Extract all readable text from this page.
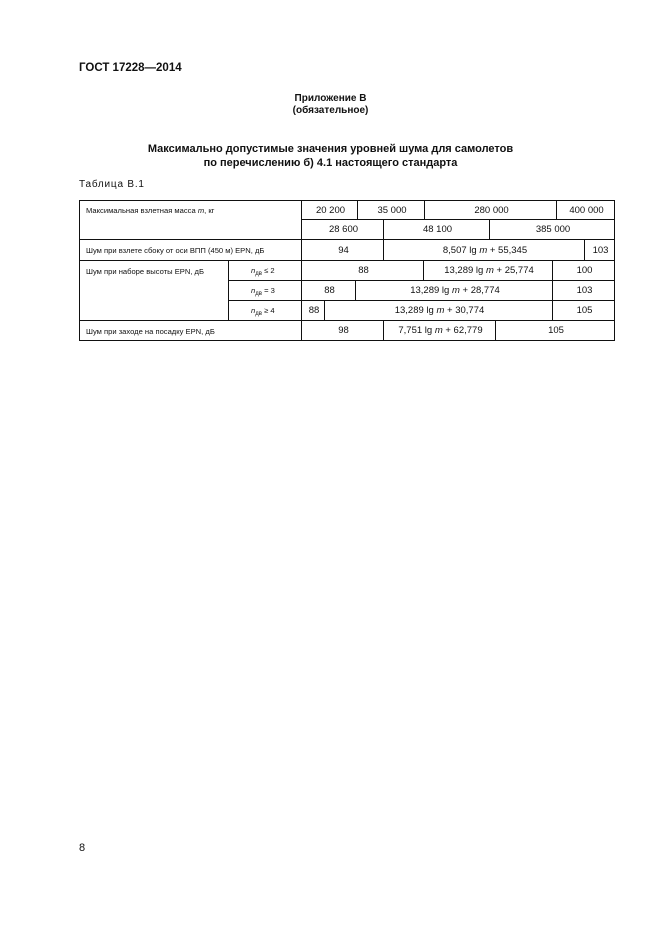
ГОСТ 17228—2014
Приложение В
(обязательное)
Максимально допустимые значения уровней шума для самолетов
по перечислению б) 4.1 настоящего стандарта
Таблица В.1
Максимальная взлетная масса m, кг	20 200	35 000	280 000	400 000
28 600	48 100	385 000
Шум при взлете сбоку от оси ВПП (450 м) EPN, дБ	94	8,507 lg m + 55,345	103
Шум при наборе высоты EPN, дБ	$n_{дв} \le 2$	88	13,289 lg m + 25,774	100
$n_{дв} = 3$	88	13,289 lg m + 28,774	103
$n_{дв} \ge 4$	88	13,289 lg m + 30,774	105
Шум при заходе на посадку EPN, дБ	98	7,751 lg m + 62,779	105
8
